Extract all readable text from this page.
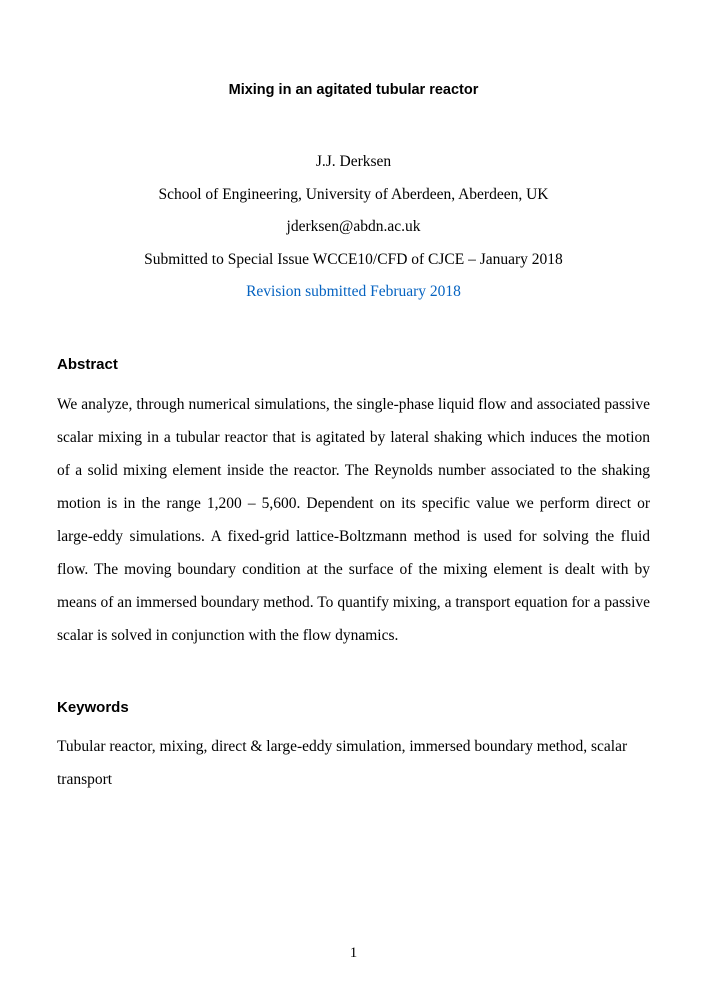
Mixing in an agitated tubular reactor

J.J. Derksen

School of Engineering, University of Aberdeen, Aberdeen, UK

jderksen@abdn.ac.uk

Submitted to Special Issue WCCE10/CFD of CJCE – January 2018

Revision submitted February 2018

Abstract

We analyze, through numerical simulations, the single-phase liquid flow and associated passive scalar mixing in a tubular reactor that is agitated by lateral shaking which induces the motion of a solid mixing element inside the reactor. The Reynolds number associated to the shaking motion is in the range 1,200 – 5,600. Dependent on its specific value we perform direct or large-eddy simulations. A fixed-grid lattice-Boltzmann method is used for solving the fluid flow. The moving boundary condition at the surface of the mixing element is dealt with by means of an immersed boundary method. To quantify mixing, a transport equation for a passive scalar is solved in conjunction with the flow dynamics.

Keywords

Tubular reactor, mixing, direct & large-eddy simulation, immersed boundary method, scalar transport

1
